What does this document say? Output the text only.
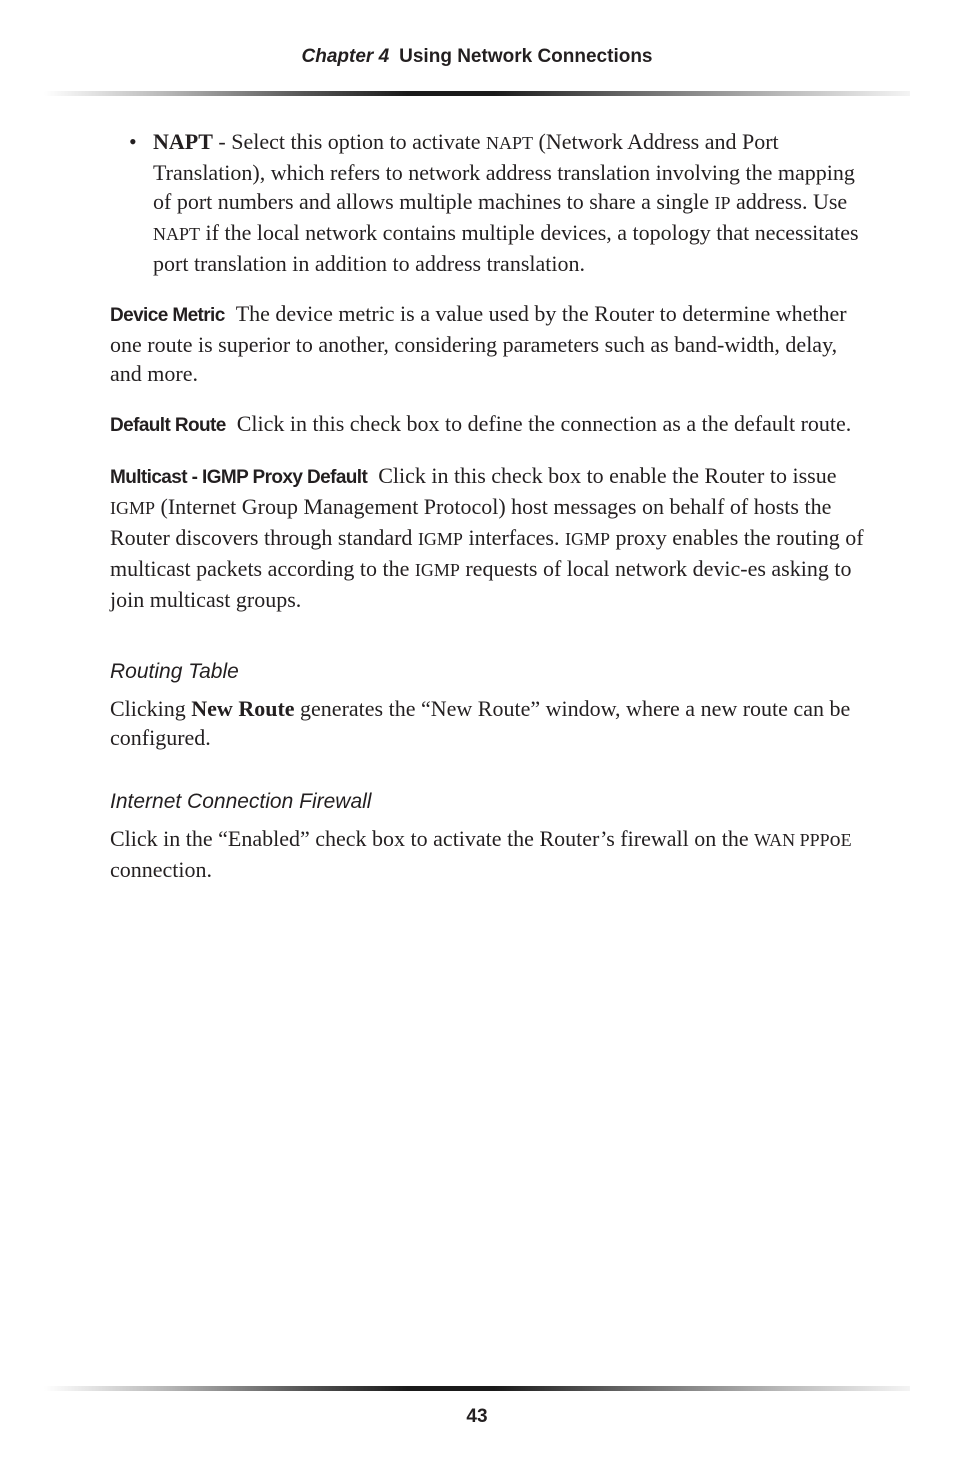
Chapter 4 Using Network Connections
• NAPT - Select this option to activate NAPT (Network Address and Port Translation), which refers to network address translation involving the mapping of port numbers and allows multiple machines to share a single IP address. Use NAPT if the local network contains multiple devices, a topology that necessitates port translation in addition to address translation.

Device Metric The device metric is a value used by the Router to determine whether one route is superior to another, considering parameters such as band-width, delay, and more.

Default Route Click in this check box to define the connection as a the default route.

Multicast - IGMP Proxy Default Click in this check box to enable the Router to issue IGMP (Internet Group Management Protocol) host messages on behalf of hosts the Router discovers through standard IGMP interfaces. IGMP proxy enables the routing of multicast packets according to the IGMP requests of local network devic-es asking to join multicast groups.

Routing Table

Clicking New Route generates the “New Route” window, where a new route can be configured.

Internet Connection Firewall

Click in the “Enabled” check box to activate the Router’s firewall on the WAN PPPoE connection.

43
